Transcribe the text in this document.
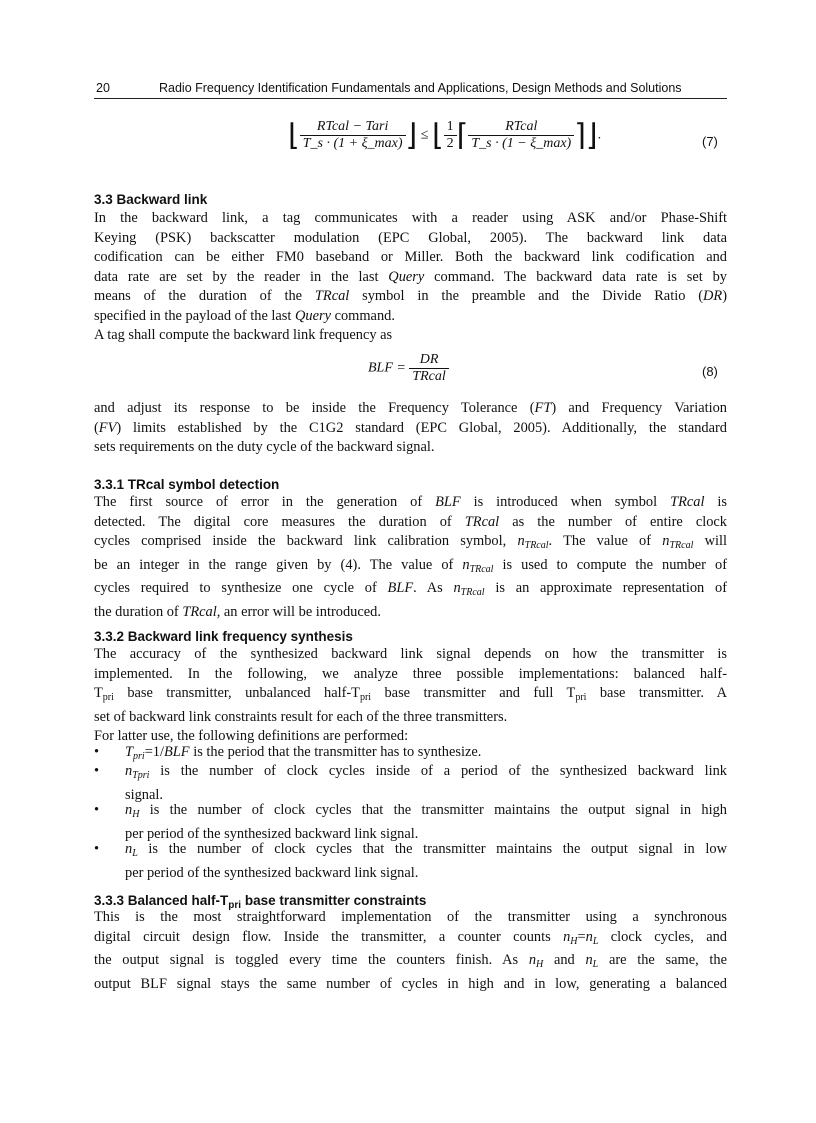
20	Radio Frequency Identification Fundamentals and Applications, Design Methods and Solutions
⌊ $\frac{\text{RTcal − Tari}}{T\_s \cdot (1 + \xi\_\max)}$ ⌋ ≤ ⌊ $\frac{1}{2}$ ⌈ $\frac{\text{RTcal}}{T\_s \cdot (1 - \xi\_\max)}$ ⌉⌋.	(7)
3.3 Backward link
In the backward link, a tag communicates with a reader using ASK and/or Phase-Shift
Keying (PSK) backscatter modulation (EPC Global, 2005). The backward link data
codification can be either FM0 baseband or Miller. Both the backward link codification and
data rate are set by the reader in the last Query command. The backward data rate is set by
means of the duration of the TRcal symbol in the preamble and the Divide Ratio (DR)
specified in the payload of the last Query command.
A tag shall compute the backward link frequency as
BLF = $\frac{DR}{\text{TRcal}}$	(8)
and adjust its response to be inside the Frequency Tolerance (FT) and Frequency Variation
(FV) limits established by the C1G2 standard (EPC Global, 2005). Additionally, the standard
sets requirements on the duty cycle of the backward signal.
3.3.1 TRcal symbol detection
The first source of error in the generation of BLF is introduced when symbol TRcal is
detected. The digital core measures the duration of TRcal as the number of entire clock
cycles comprised inside the backward link calibration symbol, $n_{TRcal}$. The value of $n_{TRcal}$ will
be an integer in the range given by (4). The value of $n_{TRcal}$ is used to compute the number of
cycles required to synthesize one cycle of BLF. As $n_{TRcal}$ is an approximate representation of
the duration of TRcal, an error will be introduced.
3.3.2 Backward link frequency synthesis
The accuracy of the synthesized backward link signal depends on how the transmitter is
implemented. In the following, we analyze three possible implementations: balanced half-
$T_{pri}$ base transmitter, unbalanced half-$T_{pri}$ base transmitter and full $T_{pri}$ base transmitter. A
set of backward link constraints result for each of the three transmitters.
For latter use, the following definitions are performed:
• $T_{pri}=1$/BLF is the period that the transmitter has to synthesize.
• $n_{Tpri}$ is the number of clock cycles inside of a period of the synthesized backward link
signal.
• $n_H$ is the number of clock cycles that the transmitter maintains the output signal in high
per period of the synthesized backward link signal.
• $n_L$ is the number of clock cycles that the transmitter maintains the output signal in low
per period of the synthesized backward link signal.
3.3.3 Balanced half-$T_{pri}$ base transmitter constraints
This is the most straightforward implementation of the transmitter using a synchronous
digital circuit design flow. Inside the transmitter, a counter counts $n_H=n_L$ clock cycles, and
the output signal is toggled every time the counters finish. As $n_H$ and $n_L$ are the same, the
output BLF signal stays the same number of cycles in high and in low, generating a balanced
